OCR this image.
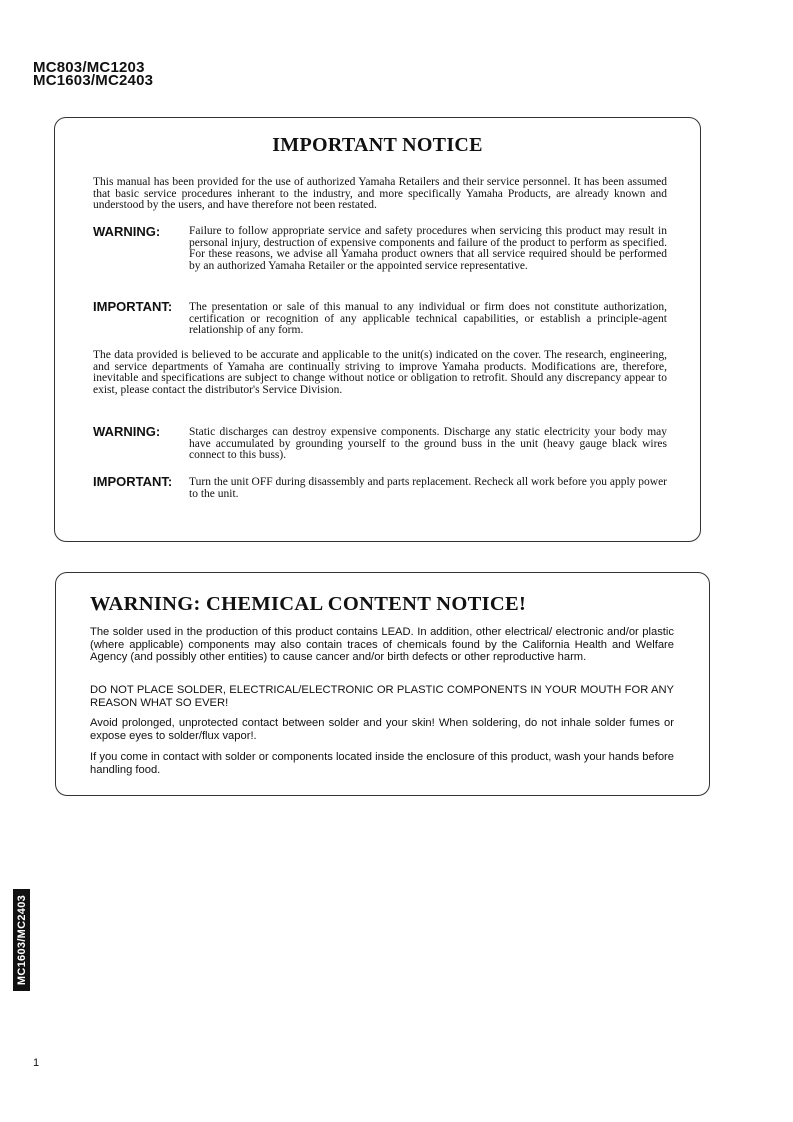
MC803/MC1203
MC1603/MC2403
IMPORTANT NOTICE
This manual has been provided for the use of authorized Yamaha Retailers and their service personnel. It has been assumed that basic service procedures inherant to the industry, and more specifically Yamaha Products, are already known and understood by the users, and have therefore not been restated.
WARNING:	Failure to follow appropriate service and safety procedures when servicing this product may result in personal injury, destruction of expensive components and failure of the product to perform as specified. For these reasons, we advise all Yamaha product owners that all service required should be performed by an authorized Yamaha Retailer or the appointed service representative.
IMPORTANT: The presentation or sale of this manual to any individual or firm does not constitute authorization, certification or recognition of any applicable technical capabilities, or establish a principle-agent relationship of any form.
The data provided is believed to be accurate and applicable to the unit(s) indicated on the cover. The research, engineering, and service departments of Yamaha are continually striving to improve Yamaha products. Modifications are, therefore, inevitable and specifications are subject to change without notice or obligation to retrofit. Should any discrepancy appear to exist, please contact the distributor's Service Division.
WARNING:	Static discharges can destroy expensive components. Discharge any static electricity your body may have accumulated by grounding yourself to the ground buss in the unit (heavy gauge black wires connect to this buss).
IMPORTANT: Turn the unit OFF during disassembly and parts replacement. Recheck all work before you apply power to the unit.
WARNING: CHEMICAL CONTENT NOTICE!
The solder used in the production of this product contains LEAD. In addition, other electrical/ electronic and/or plastic (where applicable) components may also contain traces of chemicals found by the California Health and Welfare Agency (and possibly other entities) to cause cancer and/or birth defects or other reproductive harm.
DO NOT PLACE SOLDER, ELECTRICAL/ELECTRONIC OR PLASTIC COMPONENTS IN YOUR MOUTH FOR ANY REASON WHAT SO EVER!
Avoid prolonged, unprotected contact between solder and your skin! When soldering, do not inhale solder fumes or expose eyes to solder/flux vapor!.
If you come in contact with solder or components located inside the enclosure of this product, wash your hands before handling food.
MC1603/MC2403
1
